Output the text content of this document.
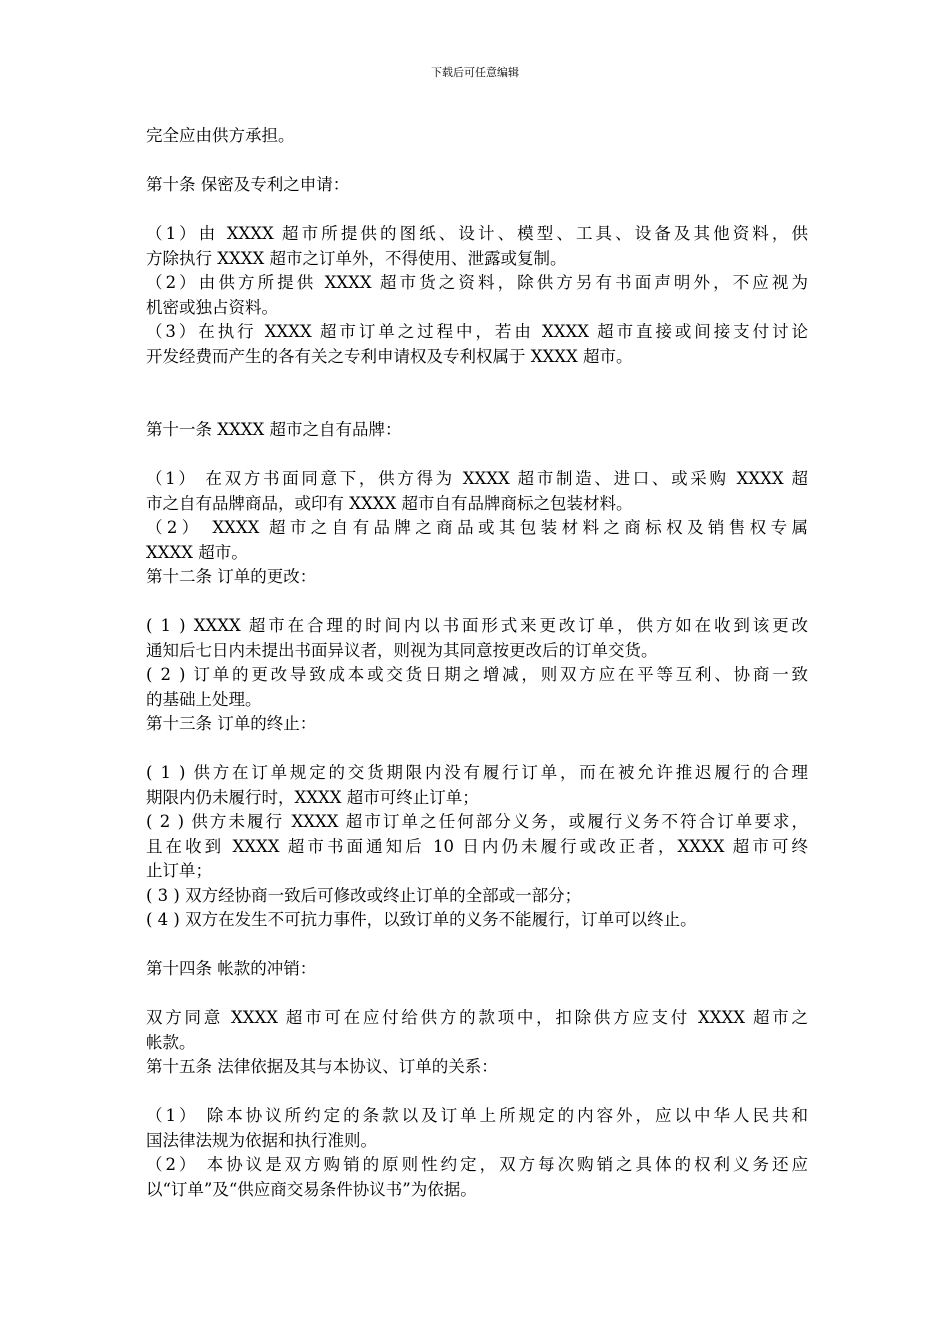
下载后可任意编辑
完全应由供方承担。
第十条 保密及专利之申请：
（1）由 XXXX 超市所提供的图纸、设计、模型、工具、设备及其他资料，供
方除执行 XXXX 超市之订单外，不得使用、泄露或复制。
（2）由供方所提供 XXXX 超市货之资料，除供方另有书面声明外，不应视为
机密或独占资料。
（3）在执行 XXXX 超市订单之过程中，若由 XXXX 超市直接或间接支付讨论
开发经费而产生的各有关之专利申请权及专利权属于 XXXX 超市。
第十一条 XXXX 超市之自有品牌：
（1） 在双方书面同意下，供方得为 XXXX 超市制造、进口、或采购 XXXX 超
市之自有品牌商品，或印有 XXXX 超市自有品牌商标之包装材料。
（2） XXXX 超市之自有品牌之商品或其包装材料之商标权及销售权专属
XXXX 超市。
第十二条 订单的更改：
( 1 ) XXXX 超市在合理的时间内以书面形式来更改订单，供方如在收到该更改
通知后七日内未提出书面异议者，则视为其同意按更改后的订单交货。
( 2 ) 订单的更改导致成本或交货日期之增减，则双方应在平等互利、协商一致
的基础上处理。
第十三条 订单的终止：
( 1 ) 供方在订单规定的交货期限内没有履行订单，而在被允许推迟履行的合理
期限内仍未履行时，XXXX 超市可终止订单；
( 2 ) 供方未履行 XXXX 超市订单之任何部分义务，或履行义务不符合订单要求，
且在收到 XXXX 超市书面通知后 10 日内仍未履行或改正者，XXXX 超市可终
止订单；
( 3 ) 双方经协商一致后可修改或终止订单的全部或一部分；
( 4 ) 双方在发生不可抗力事件，以致订单的义务不能履行，订单可以终止。
第十四条 帐款的冲销：
双方同意 XXXX 超市可在应付给供方的款项中，扣除供方应支付 XXXX 超市之
帐款。
第十五条 法律依据及其与本协议、订单的关系：
（1） 除本协议所约定的条款以及订单上所规定的内容外，应以中华人民共和
国法律法规为依据和执行准则。
（2） 本协议是双方购销的原则性约定，双方每次购销之具体的权利义务还应
以“订单”及“供应商交易条件协议书”为依据。
